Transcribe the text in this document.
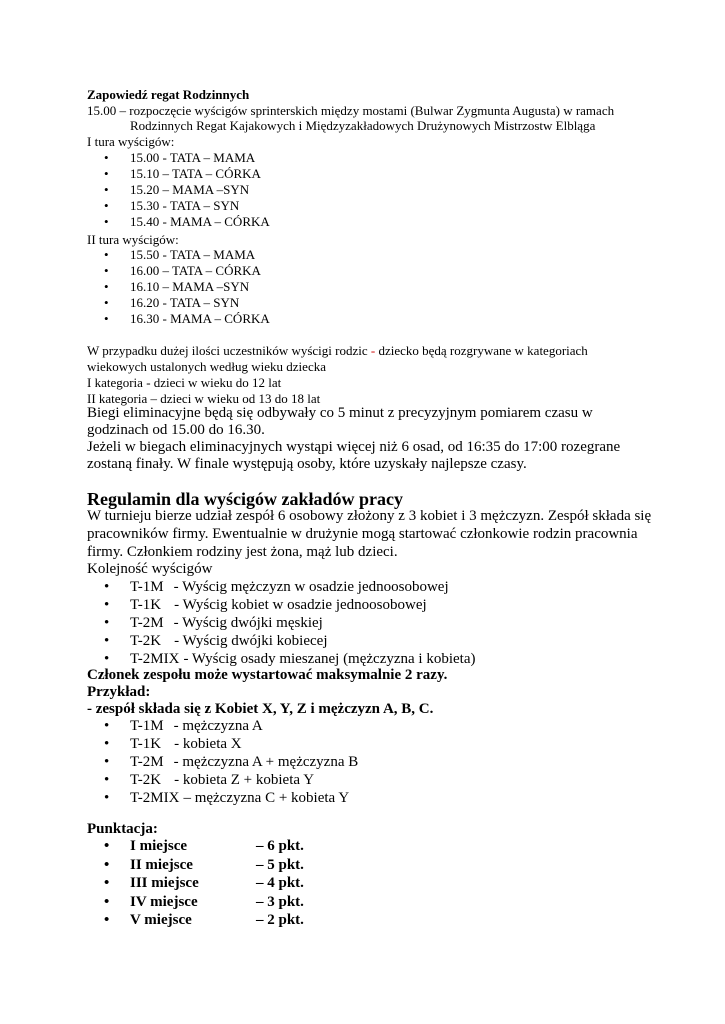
Zapowiedź regat Rodzinnych
15.00 – rozpoczęcie wyścigów sprinterskich między mostami (Bulwar Zygmunta Augusta) w ramach
Rodzinnych Regat Kajakowych i Międzyzakładowych Drużynowych Mistrzostw Elbląga
I tura wyścigów:
• 15.00 - TATA – MAMA
• 15.10 – TATA – CÓRKA
• 15.20 – MAMA –SYN
• 15.30 - TATA – SYN
• 15.40 - MAMA – CÓRKA
II tura wyścigów:
• 15.50 - TATA – MAMA
• 16.00 – TATA – CÓRKA
• 16.10 – MAMA –SYN
• 16.20 - TATA – SYN
• 16.30 - MAMA – CÓRKA
W przypadku dużej ilości uczestników wyścigi rodzic - dziecko będą rozgrywane w kategoriach
wiekowych ustalonych według wieku dziecka
I kategoria - dzieci w wieku do 12 lat
II kategoria – dzieci w wieku od 13 do 18 lat
Biegi eliminacyjne będą się odbywały co 5 minut z precyzyjnym pomiarem czasu w
godzinach od 15.00 do 16.30.
Jeżeli w biegach eliminacyjnych wystąpi więcej niż 6 osad, od 16:35 do 17:00 rozegrane
zostaną finały. W finale występują osoby, które uzyskały najlepsze czasy.
Regulamin dla wyścigów zakładów pracy
W turnieju bierze udział zespół 6 osobowy złożony z 3 kobiet i 3 mężczyzn. Zespół składa się
pracowników firmy. Ewentualnie w drużynie mogą startować członkowie rodzin pracownia
firmy. Członkiem rodziny jest żona, mąż lub dzieci.
Kolejność wyścigów
• T-1M - Wyścig mężczyzn w osadzie jednoosobowej
• T-1K - Wyścig kobiet w osadzie jednoosobowej
• T-2M - Wyścig dwójki męskiej
• T-2K - Wyścig dwójki kobiecej
• T-2MIX - Wyścig osady mieszanej (mężczyzna i kobieta)
Członek zespołu może wystartować maksymalnie 2 razy.
Przykład:
- zespół składa się z Kobiet X, Y, Z i mężczyzn A, B, C.
• T-1M - mężczyzna A
• T-1K - kobieta X
• T-2M - mężczyzna A + mężczyzna B
• T-2K - kobieta Z + kobieta Y
• T-2MIX – mężczyzna C + kobieta Y
Punktacja:
• I miejsce	– 6 pkt.
• II miejsce	– 5 pkt.
• III miejsce	– 4 pkt.
• IV miejsce	– 3 pkt.
• V miejsce	– 2 pkt.
